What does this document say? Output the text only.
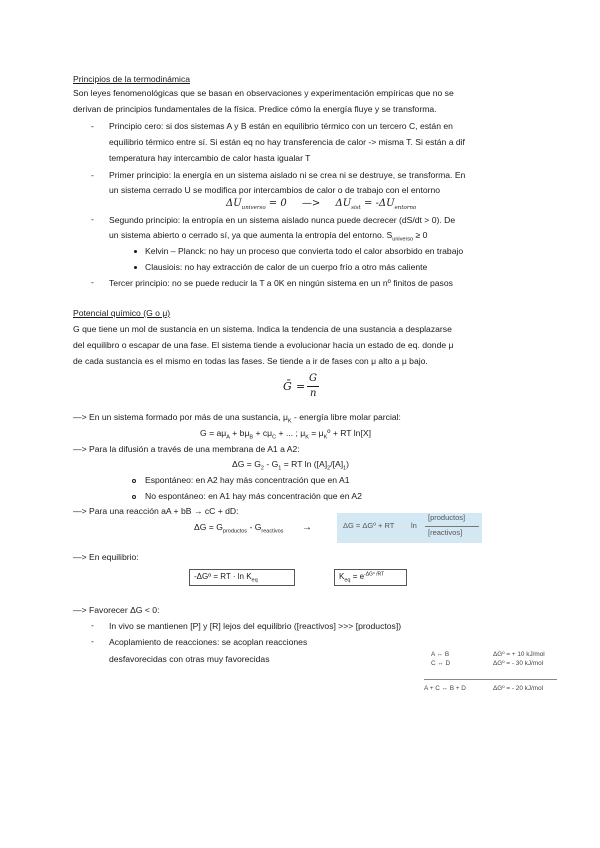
Principios de la termodinámica
Son leyes fenomenológicas que se basan en observaciones y experimentación empíricas que no se
derivan de principios fundamentales de la física. Predice cómo la energía fluye y se transforma.
- Principio cero: si dos sistemas A y B están en equilibrio térmico con un tercero C, están en
equilibrio térmico entre sí. Si están eq no hay transferencia de calor -> misma T. Si están a dif
temperatura hay intercambio de calor hasta igualar T
- Primer principio: la energía en un sistema aislado ni se crea ni se destruye, se transforma. En
un sistema cerrado U se modifica por intercambios de calor o de trabajo con el entorno
$\Delta U_{universo} = 0$ —> $\Delta U_{sist} = -\Delta U_{entorno}$
- Segundo principio: la entropía en un sistema aislado nunca puede decrecer (dS/dt > 0). De
un sistema abierto o cerrado sí, ya que aumenta la entropía del entorno. $S_{universo} \ge 0$
Kelvin – Planck: no hay un proceso que convierta todo el calor absorbido en trabajo
Clausiois: no hay extracción de calor de un cuerpo frío a otro más caliente
- Tercer principio: no se puede reducir la T a 0K en ningún sistema en un nº finitos de pasos
Potencial químico (G o μ)
G que tiene un mol de sustancia en un sistema. Indica la tendencia de una sustancia a desplazarse
del equilibro o escapar de una fase. El sistema tiende a evolucionar hacia un estado de eq. donde μ
de cada sustancia es el mismo en todas las fases. Se tiende a ir de fases con μ alto a μ bajo.
Ḡ =
G
n
—> En un sistema formado por más de una sustancia, $\mu_K$ - energía libre molar parcial:
$G = a\mu_A + b\mu_B + c\mu_C$ + ... ; $\mu_K$ = $\mu_Kº$ + RT ln[X]
—> Para la difusión a través de una membrana de A1 a A2:
$\Delta G = G_2 - G_1$ = RT $\ln ([A]_2/[A]_1)$
Espontáneo: en A2 hay más concentración que en A1
No espontáneo: en A1 hay más concentración que en A2
—> Para una reacción aA + bB → cC + dD:
$\Delta G = G_{productos} - G_{reactivos}$ →	ΔG = ΔGº + RT ln
[productos]
[reactivos]
—> En equilibrio:
-ΔGº = RT · $\ln K_{eq}$	$K_{eq} = e^{-\Delta Gº /RT}$
—> Favorecer ΔG < 0:
- In vivo se mantienen [P] y [R] lejos del equilibrio ([reactivos] >>> [productos])
- Acoplamiento de reacciones: se acoplan reacciones
desfavorecidas con otras muy favorecidas	A ↔ B	ΔGº = + 10 kJ/mol
C ↔ D	ΔGº = - 30 kJ/mol
A + C ↔ B + D	ΔGº = - 20 kJ/mol
